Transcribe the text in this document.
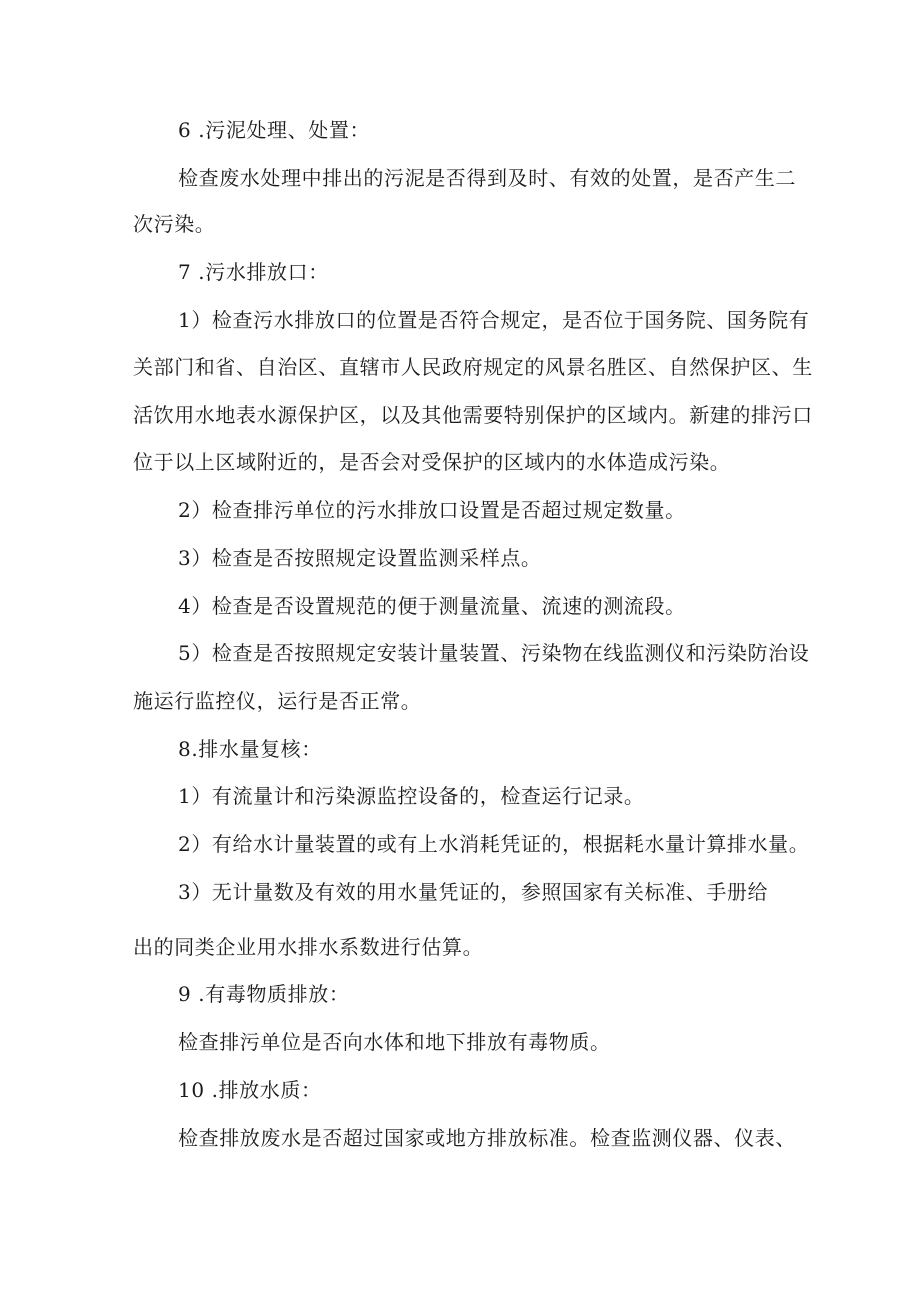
6 .污泥处理、处置：
检查废水处理中排出的污泥是否得到及时、有效的处置，是否产生二
次污染。
7 .污水排放口：
1）检查污水排放口的位置是否符合规定，是否位于国务院、国务院有
关部门和省、自治区、直辖市人民政府规定的风景名胜区、自然保护区、生
活饮用水地表水源保护区，以及其他需要特别保护的区域内。新建的排污口
位于以上区域附近的，是否会对受保护的区域内的水体造成污染。
2）检查排污单位的污水排放口设置是否超过规定数量。
3）检查是否按照规定设置监测采样点。
4）检查是否设置规范的便于测量流量、流速的测流段。
5）检查是否按照规定安装计量装置、污染物在线监测仪和污染防治设
施运行监控仪，运行是否正常。
8.排水量复核：
1）有流量计和污染源监控设备的，检查运行记录。
2）有给水计量装置的或有上水消耗凭证的，根据耗水量计算排水量。
3）无计量数及有效的用水量凭证的，参照国家有关标准、手册给
出的同类企业用水排水系数进行估算。
9 .有毒物质排放：
检查排污单位是否向水体和地下排放有毒物质。
10 .排放水质：
检查排放废水是否超过国家或地方排放标准。检查监测仪器、仪表、
